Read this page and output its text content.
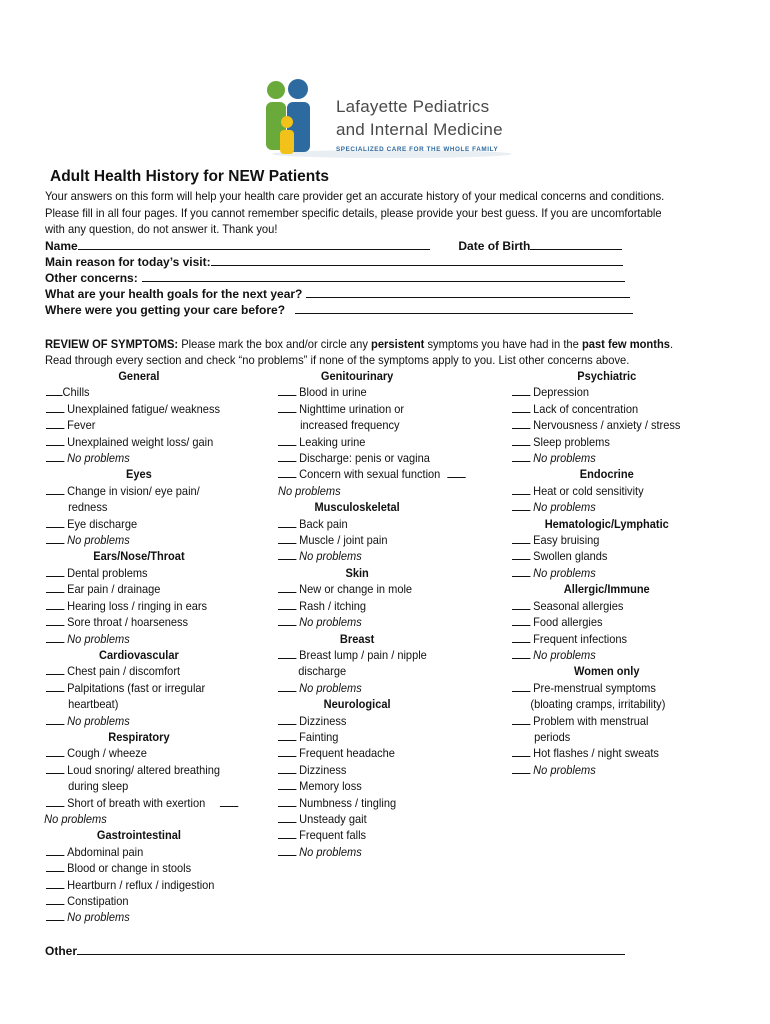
Lafayette Pediatrics
and Internal Medicine
SPECIALIZED CARE FOR THE WHOLE FAMILY
Adult Health History for NEW Patients
Your answers on this form will help your health care provider get an accurate history of your medical concerns and conditions. Please fill in all four pages. If you cannot remember specific details, please provide your best guess. If you are uncomfortable with any question, do not answer it. Thank you!
Name	Date of Birth
Main reason for today’s visit:
Other concerns:
What are your health goals for the next year?
Where were you getting your care before?
REVIEW OF SYMPTOMS: Please mark the box and/or circle any persistent symptoms you have had in the past few months. Read through every section and check “no problems” if none of the symptoms apply to you. List other concerns above.
General
Chills
Unexplained fatigue/ weakness
Fever
Unexplained weight loss/ gain
No problems
Eyes
Change in vision/ eye pain/
redness
Eye discharge
No problems
Ears/Nose/Throat
Dental problems
Ear pain / drainage
Hearing loss / ringing in ears
Sore throat / hoarseness
No problems
Cardiovascular
Chest pain / discomfort
Palpitations (fast or irregular
heartbeat)
No problems
Respiratory
Cough / wheeze
Loud snoring/ altered breathing
during sleep
Short of breath with exertion
No problems
Gastrointestinal
Abdominal pain
Blood or change in stools
Heartburn / reflux / indigestion
Constipation
No problems
Genitourinary
Blood in urine
Nighttime urination or
increased frequency
Leaking urine
Discharge: penis or vagina
Concern with sexual function
No problems
Musculoskeletal
Back pain
Muscle / joint pain
No problems
Skin
New or change in mole
Rash / itching
No problems
Breast
Breast lump / pain / nipple
discharge
No problems
Neurological
Dizziness
Fainting
Frequent headache
Dizziness
Memory loss
Numbness / tingling
Unsteady gait
Frequent falls
No problems
Psychiatric
Depression
Lack of concentration
Nervousness / anxiety / stress
Sleep problems
No problems
Endocrine
Heat or cold sensitivity
No problems
Hematologic/Lymphatic
Easy bruising
Swollen glands
No problems
Allergic/Immune
Seasonal allergies
Food allergies
Frequent infections
No problems
Women only
Pre-menstrual symptoms
(bloating cramps, irritability)
Problem with menstrual
periods
Hot flashes / night sweats
No problems
Other
